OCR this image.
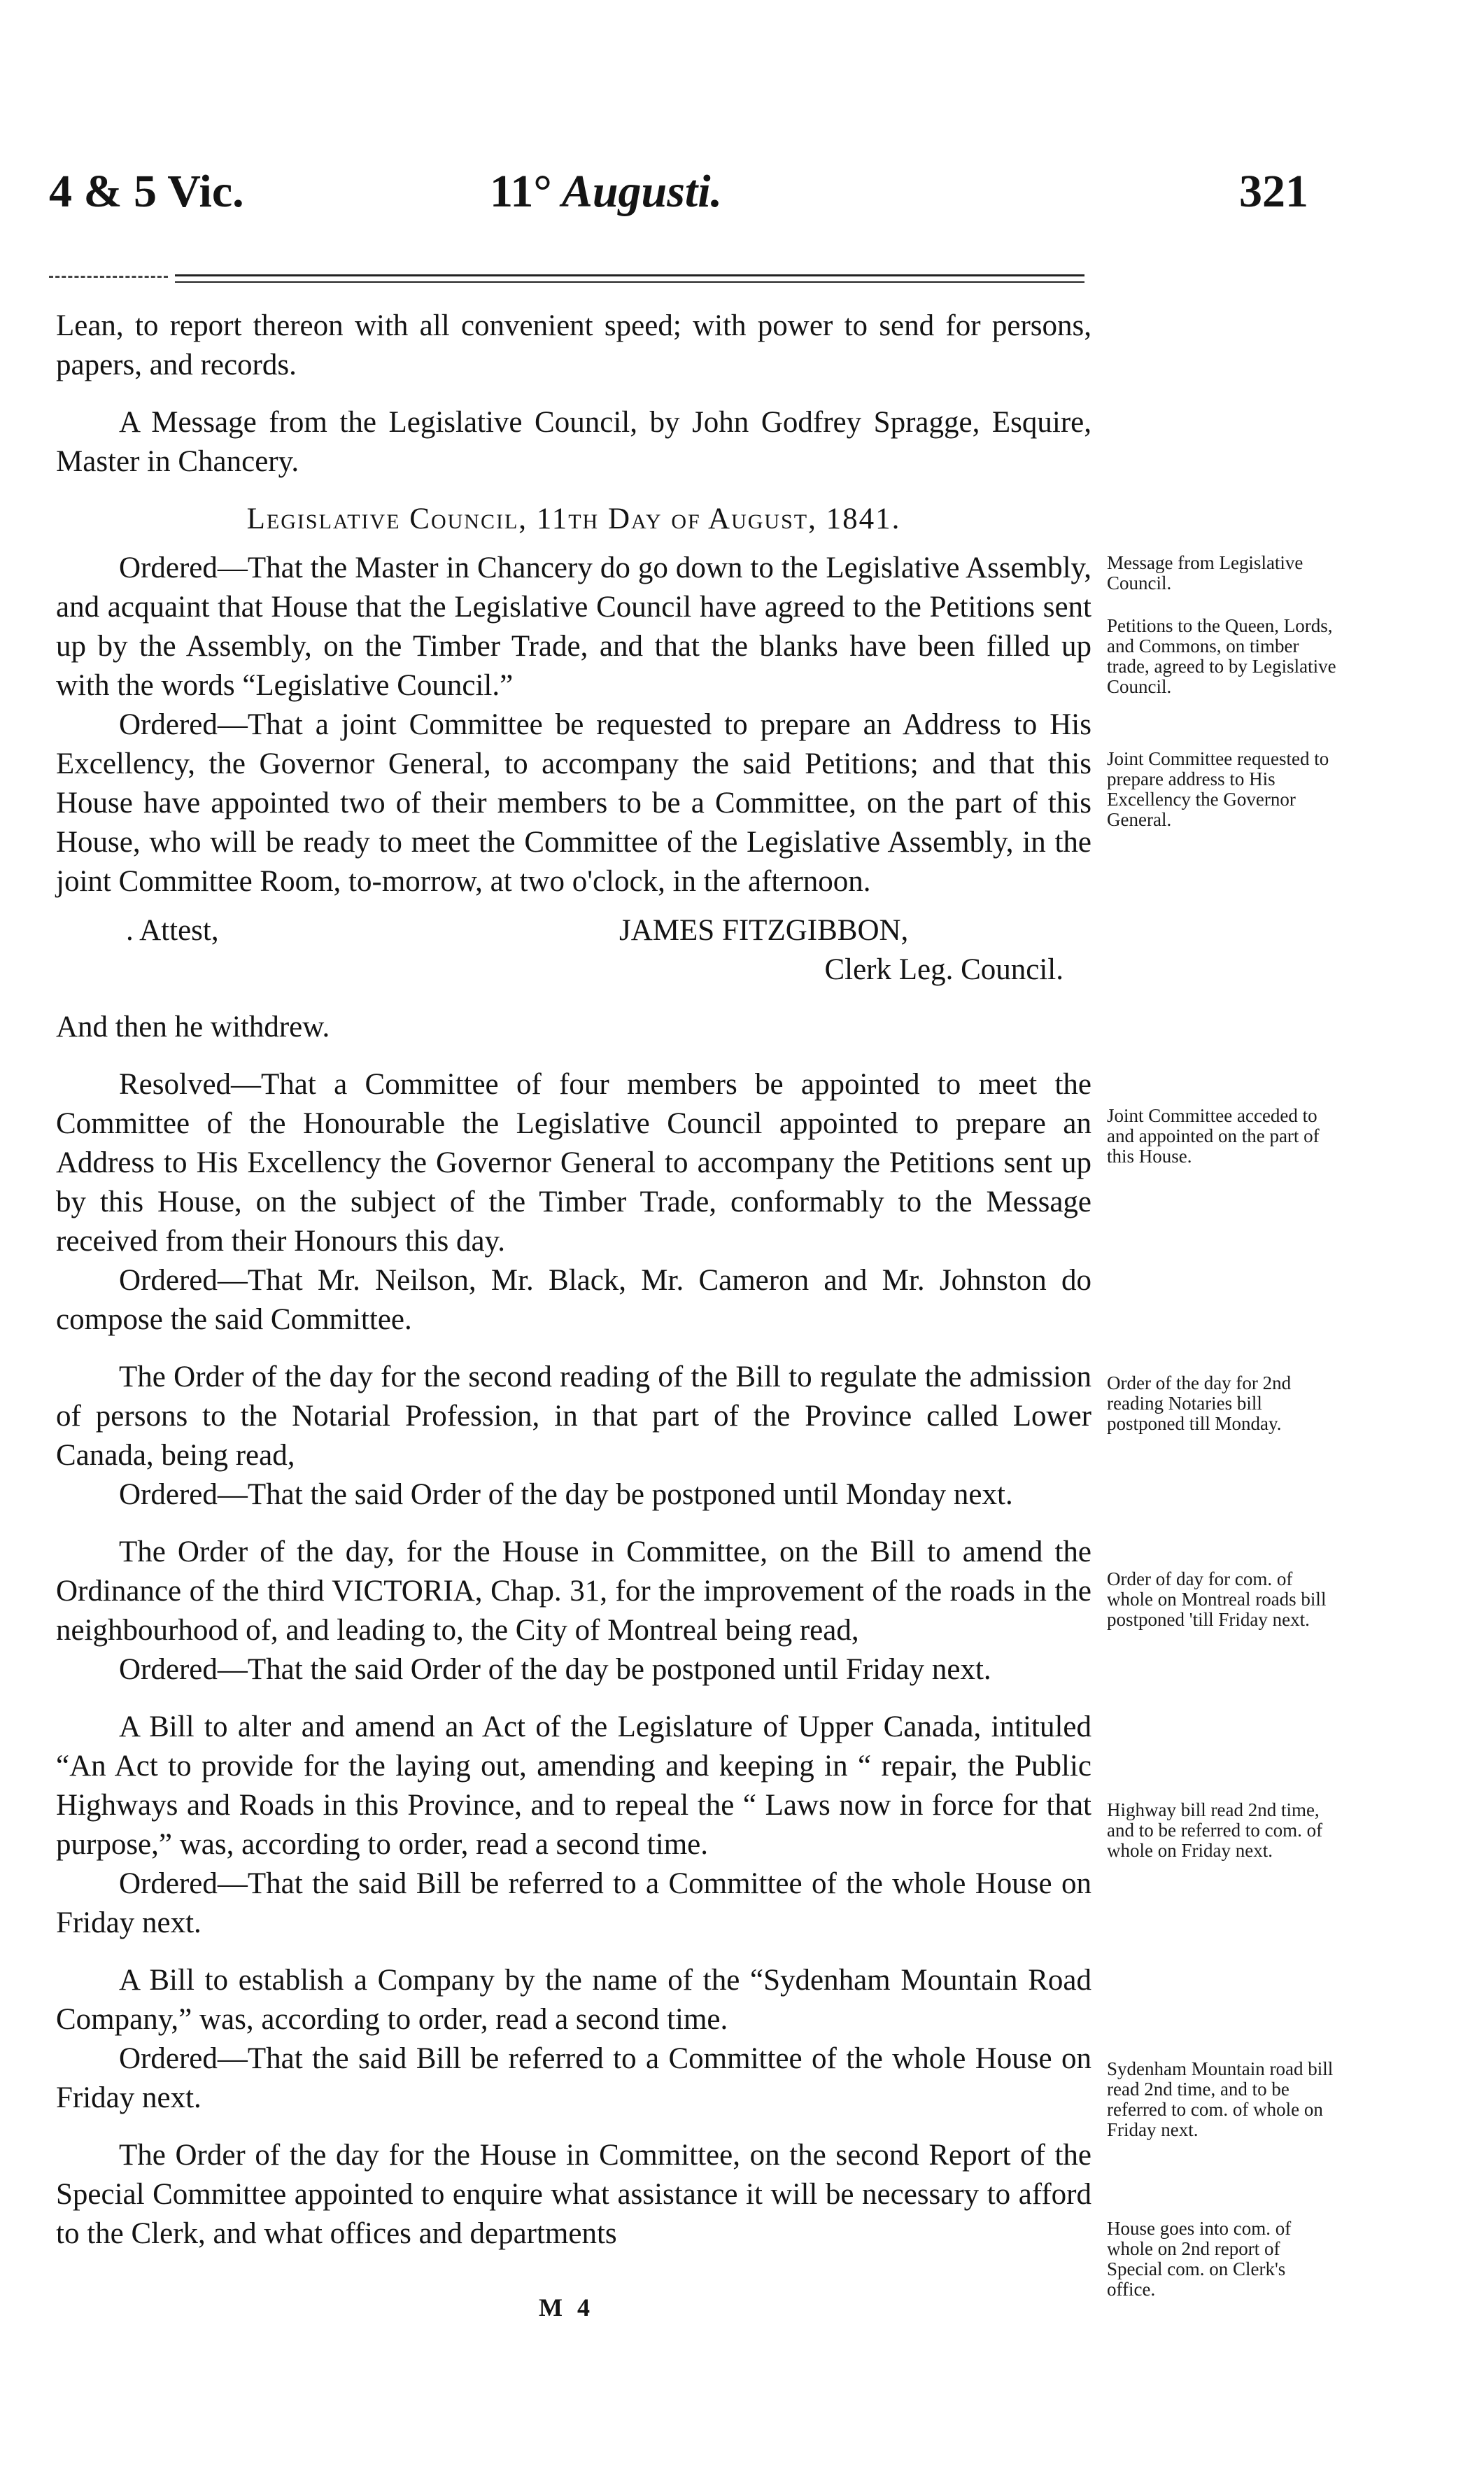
4 & 5 Vic.	11° Augusti.	321

Lean, to report thereon with all convenient speed; with power to send for persons, papers, and records.

A Message from the Legislative Council, by John Godfrey Spragge, Esquire, Master in Chancery.

Legislative Council, 11th Day of August, 1841.

Ordered—That the Master in Chancery do go down to the Legislative Assembly, and acquaint that House that the Legislative Council have agreed to the Petitions sent up by the Assembly, on the Timber Trade, and that the blanks have been filled up with the words “Legislative Council.”

Ordered—That a joint Committee be requested to prepare an Address to His Excellency, the Governor General, to accompany the said Petitions; and that this House have appointed two of their members to be a Committee, on the part of this House, who will be ready to meet the Committee of the Legislative Assembly, in the joint Committee Room, to-morrow, at two o'clock, in the afternoon.

. Attest,	JAMES FITZGIBBON,

Clerk Leg. Council.

And then he withdrew.

Resolved—That a Committee of four members be appointed to meet the Committee of the Honourable the Legislative Council appointed to prepare an Address to His Excellency the Governor General to accompany the Petitions sent up by this House, on the subject of the Timber Trade, conformably to the Message received from their Honours this day.

Ordered—That Mr. Neilson, Mr. Black, Mr. Cameron and Mr. Johnston do compose the said Committee.

The Order of the day for the second reading of the Bill to regulate the admission of persons to the Notarial Profession, in that part of the Province called Lower Canada, being read,

Ordered—That the said Order of the day be postponed until Monday next.

The Order of the day, for the House in Committee, on the Bill to amend the Ordinance of the third VICTORIA, Chap. 31, for the improvement of the roads in the neighbourhood of, and leading to, the City of Montreal being read,

Ordered—That the said Order of the day be postponed until Friday next.

A Bill to alter and amend an Act of the Legislature of Upper Canada, intituled “An Act to provide for the laying out, amending and keeping in “ repair, the Public Highways and Roads in this Province, and to repeal the “ Laws now in force for that purpose,” was, according to order, read a second time.

Ordered—That the said Bill be referred to a Committee of the whole House on Friday next.

A Bill to establish a Company by the name of the “Sydenham Mountain Road Company,” was, according to order, read a second time.

Ordered—That the said Bill be referred to a Committee of the whole House on Friday next.

The Order of the day for the House in Committee, on the second Report of the Special Committee appointed to enquire what assistance it will be necessary to afford to the Clerk, and what offices and departments

Message from Legislative Council.
Petitions to the Queen, Lords, and Commons, on timber trade, agreed to by Legislative Council.
Joint Committee requested to prepare address to His Excellency the Governor General.
Joint Committee acceded to and appointed on the part of this House.
Order of the day for 2nd reading Notaries bill postponed till Monday.
Order of day for com. of whole on Montreal roads bill postponed 'till Friday next.
Highway bill read 2nd time, and to be referred to com. of whole on Friday next.
Sydenham Mountain road bill read 2nd time, and to be referred to com. of whole on Friday next.
House goes into com. of whole on 2nd report of Special com. on Clerk's office.
M 4
